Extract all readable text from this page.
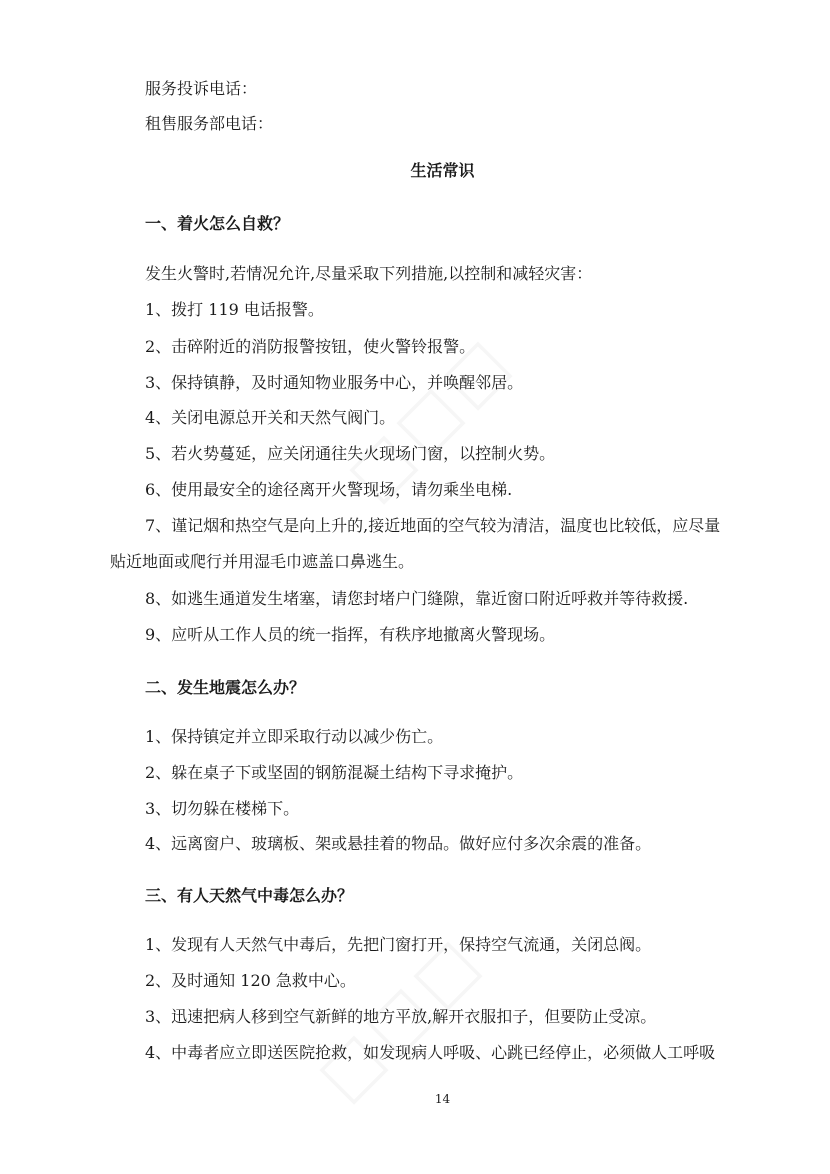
服务投诉电话：
租售服务部电话：
生活常识
一、着火怎么自救？
发生火警时,若情况允许,尽量采取下列措施,以控制和减轻灾害：
1、拨打 119 电话报警。
2、击碎附近的消防报警按钮，使火警铃报警。
3、保持镇静，及时通知物业服务中心，并唤醒邻居。
4、关闭电源总开关和天然气阀门。
5、若火势蔓延，应关闭通往失火现场门窗，以控制火势。
6、使用最安全的途径离开火警现场，请勿乘坐电梯.
7、谨记烟和热空气是向上升的,接近地面的空气较为清洁，温度也比较低，应尽量
贴近地面或爬行并用湿毛巾遮盖口鼻逃生。
8、如逃生通道发生堵塞，请您封堵户门缝隙，靠近窗口附近呼救并等待救援.
9、应听从工作人员的统一指挥，有秩序地撤离火警现场。
二、发生地震怎么办？
1、保持镇定并立即采取行动以减少伤亡。
2、躲在桌子下或坚固的钢筋混凝土结构下寻求掩护。
3、切勿躲在楼梯下。
4、远离窗户、玻璃板、架或悬挂着的物品。做好应付多次余震的准备。
三、有人天然气中毒怎么办？
1、发现有人天然气中毒后，先把门窗打开，保持空气流通，关闭总阀。
2、及时通知 120 急救中心。
3、迅速把病人移到空气新鲜的地方平放,解开衣服扣子，但要防止受凉。
4、中毒者应立即送医院抢救，如发现病人呼吸、心跳已经停止，必须做人工呼吸
14
